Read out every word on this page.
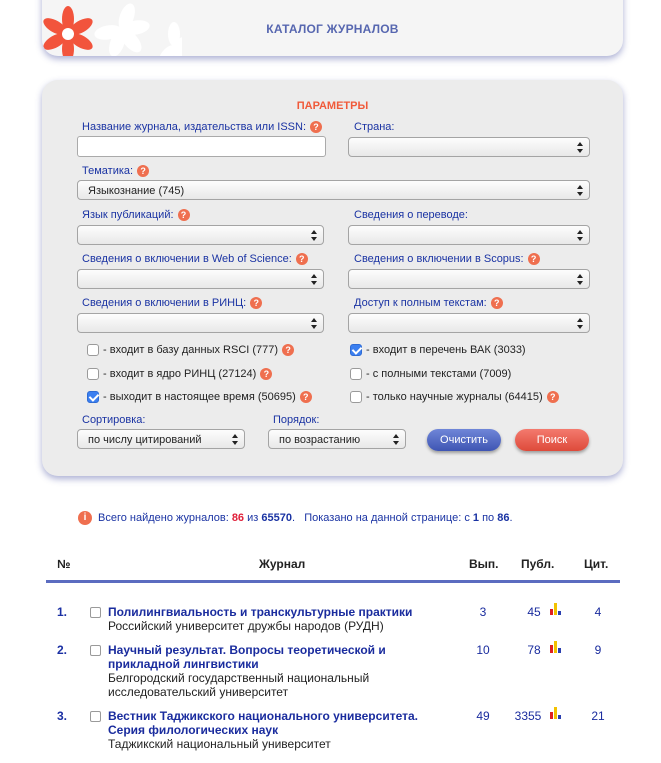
КАТАЛОГ ЖУРНАЛОВ
ПАРАМЕТРЫ
Название журнала, издательства или ISSN: ?	Страна:
Тематика: ?
Языкознание (745)
Язык публикаций: ?	Сведения о переводе:
Сведения о включении в Web of Science: ?	Сведения о включении в Scopus: ?
Сведения о включении в РИНЦ: ?	Доступ к полным текстам: ?
- входит в базу данных RSCI (777) ?	- входит в перечень ВАК (3033)
- входит в ядро РИНЦ (27124) ?	- с полными текстами (7009)
- выходит в настоящее время (50695) ?	- только научные журналы (64415) ?
Сортировка:
по числу цитирований
Порядок:
по возрастанию	Очистить	Поиск
i	Всего найдено журналов:
86
из
65570 .   Показано на данной странице: с
1
по
86 .
№	Журнал	Вып. Публ. Цит.
1.	Полилингвиальность и транскультурные практики
Российский университет дружбы народов (РУДН)
3	45	4
2.	Научный результат. Вопросы теоретической и прикладной лингвистики
Белгородский государственный национальный исследовательский университет
10	78	9
3.	Вестник Таджикского национального университета. Серия филологических наук
Таджикский национальный университет
49	3355	21
